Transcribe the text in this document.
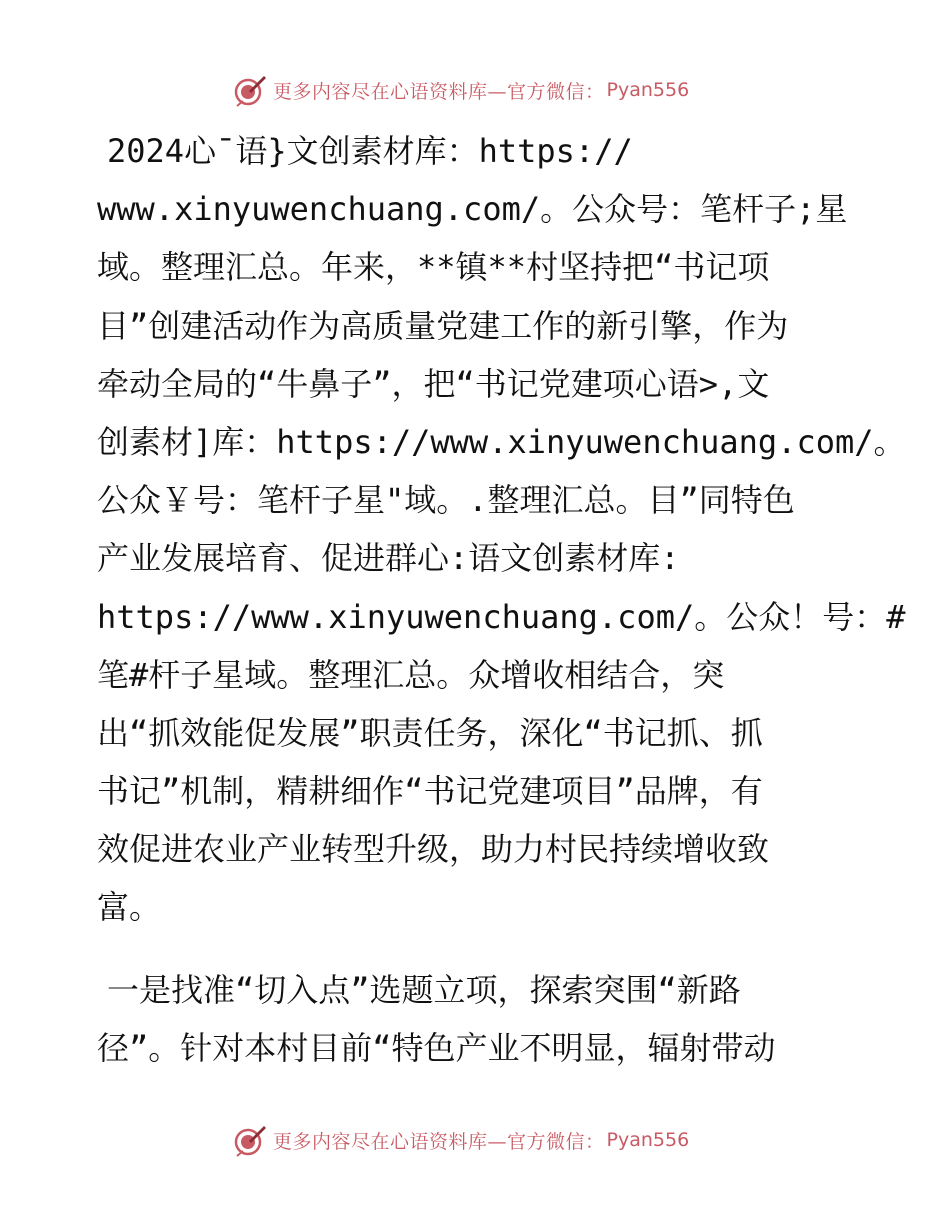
更多内容尽在心语资料库—官方微信： Pyan556
2024心¯语}文创素材库：https://
www.xinyuwenchuang.com/。公众号：笔杆子;星
域。整理汇总。年来，**镇**村坚持把“书记项
目”创建活动作为高质量党建工作的新引擎，作为
牵动全局的“牛鼻子”，把“书记党建项心语>,文
创素材]库：https://www.xinyuwenchuang.com/。
公众￥号：笔杆子星"域。.整理汇总。目”同特色
产业发展培育、促进群心:语文创素材库:
https://www.xinyuwenchuang.com/。公众！号：#
笔#杆子星域。整理汇总。众增收相结合，突
出“抓效能促发展”职责任务，深化“书记抓、抓
书记”机制，精耕细作“书记党建项目”品牌，有
效促进农业产业转型升级，助力村民持续增收致
富。
一是找准“切入点”选题立项，探索突围“新路
径”。针对本村目前“特色产业不明显，辐射带动
更多内容尽在心语资料库—官方微信： Pyan556
